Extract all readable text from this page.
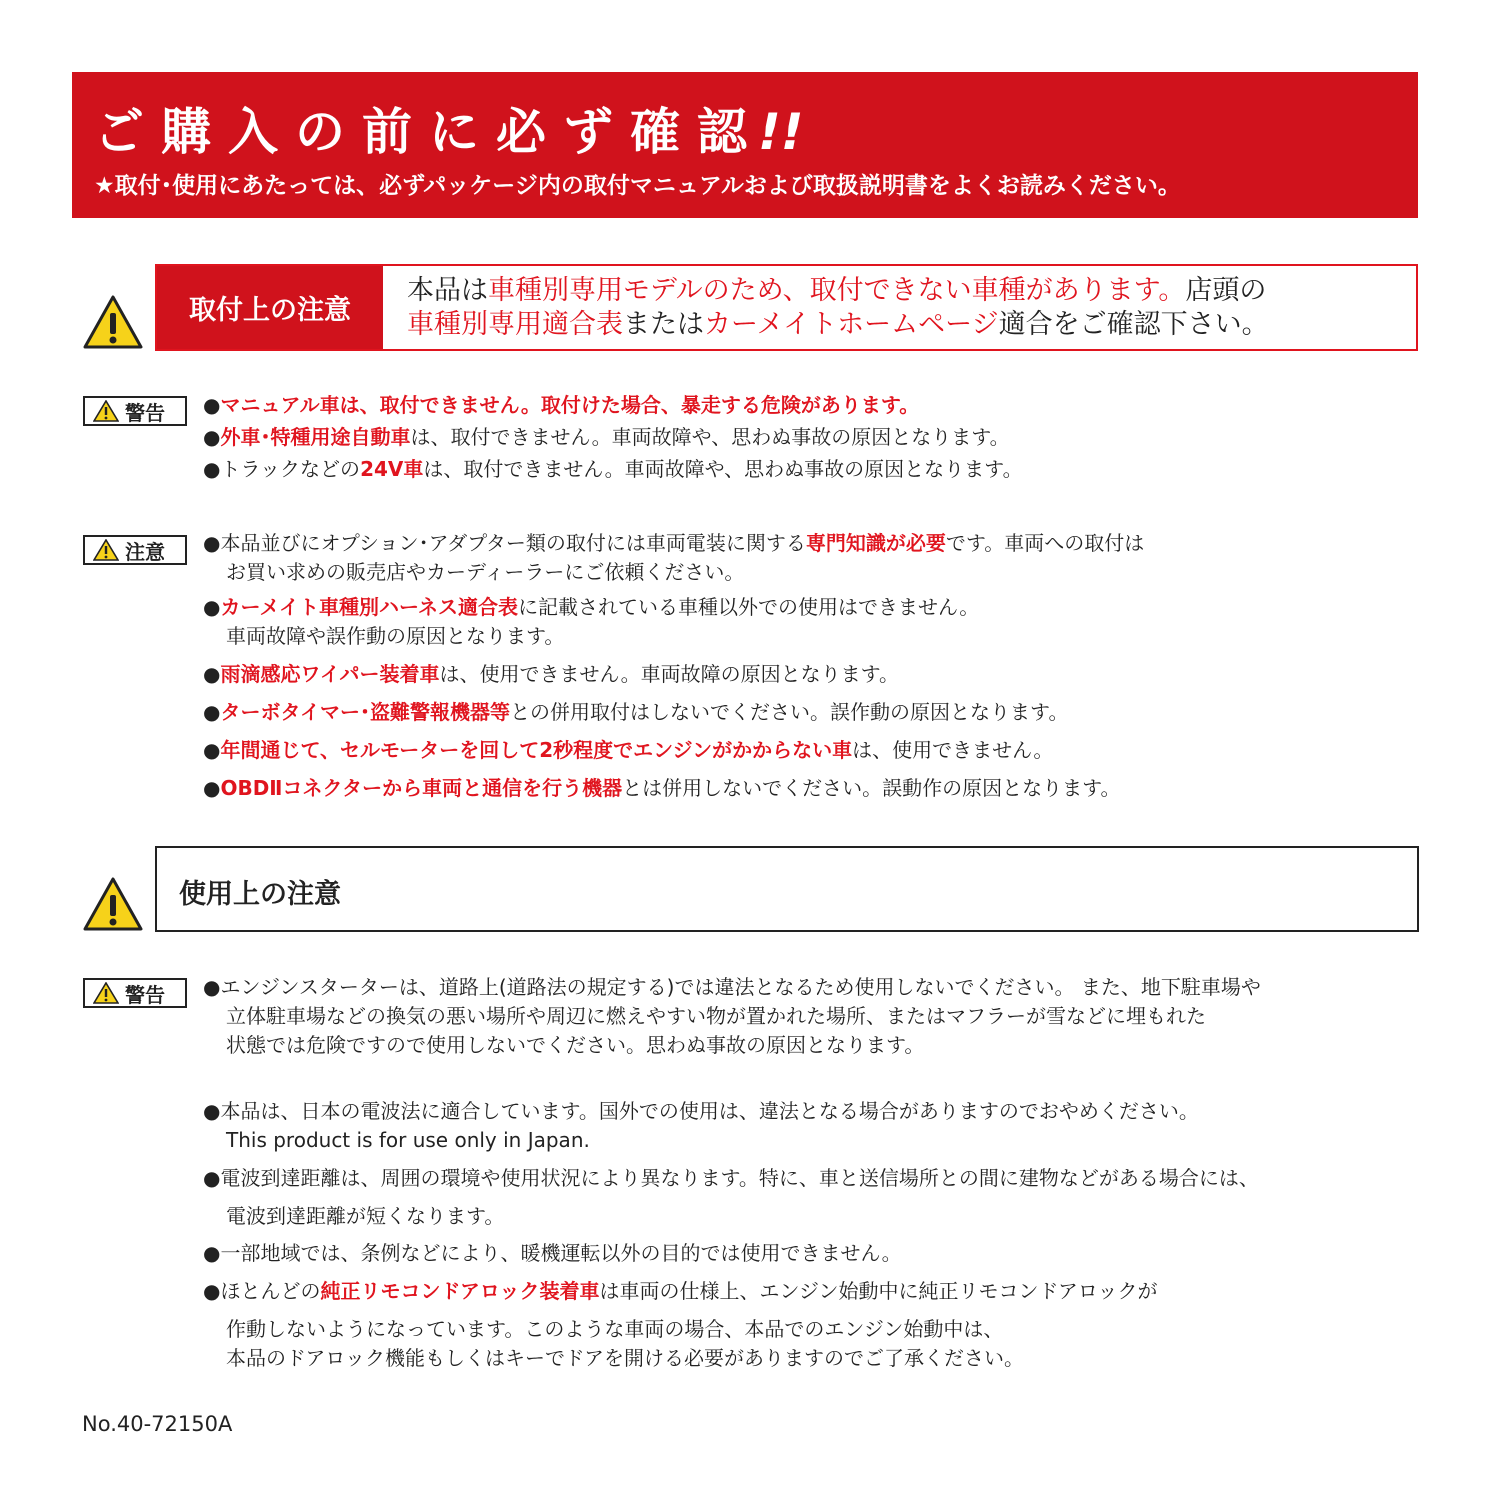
ご購入の前に必ず確認!!
★取付･使用にあたっては、必ずパッケージ内の取付マニュアルおよび取扱説明書をよくお読みください。
取付上の注意
本品は車種別専用モデルのため、取付できない車種があります。店頭の
車種別専用適合表またはカーメイトホームページ適合をご確認下さい。
警告 ●マニュアル車は、取付できません。取付けた場合、暴走する危険があります。
●外車･特種用途自動車は、取付できません。車両故障や、思わぬ事故の原因となります。
●トラックなどの24V車は、取付できません。車両故障や、思わぬ事故の原因となります。
注意 ●本品並びにオプション･アダプター類の取付には車両電装に関する専門知識が必要です。車両への取付は
お買い求めの販売店やカーディーラーにご依頼ください。
●カーメイト車種別ハーネス適合表に記載されている車種以外での使用はできません。
車両故障や誤作動の原因となります。
●雨滴感応ワイパー装着車は、使用できません。車両故障の原因となります。
●ターボタイマー･盗難警報機器等との併用取付はしないでください。誤作動の原因となります。
●年間通じて、セルモーターを回して2秒程度でエンジンがかからない車は、使用できません。
●OBDⅡコネクターから車両と通信を行う機器とは併用しないでください。誤動作の原因となります。
使用上の注意
警告 ●エンジンスターターは、道路上(道路法の規定する)では違法となるため使用しないでください。 また、地下駐車場や
立体駐車場などの換気の悪い場所や周辺に燃えやすい物が置かれた場所、またはマフラーが雪などに埋もれた
状態では危険ですので使用しないでください。思わぬ事故の原因となります。
●本品は、日本の電波法に適合しています。国外での使用は、違法となる場合がありますのでおやめください。
This product is for use only in Japan.
●電波到達距離は、周囲の環境や使用状況により異なります。特に、車と送信場所との間に建物などがある場合には、
電波到達距離が短くなります。
●一部地域では、条例などにより、暖機運転以外の目的では使用できません。
●ほとんどの純正リモコンドアロック装着車は車両の仕様上、エンジン始動中に純正リモコンドアロックが
作動しないようになっています。このような車両の場合、本品でのエンジン始動中は、
本品のドアロック機能もしくはキーでドアを開ける必要がありますのでご了承ください。
No.40-72150A
